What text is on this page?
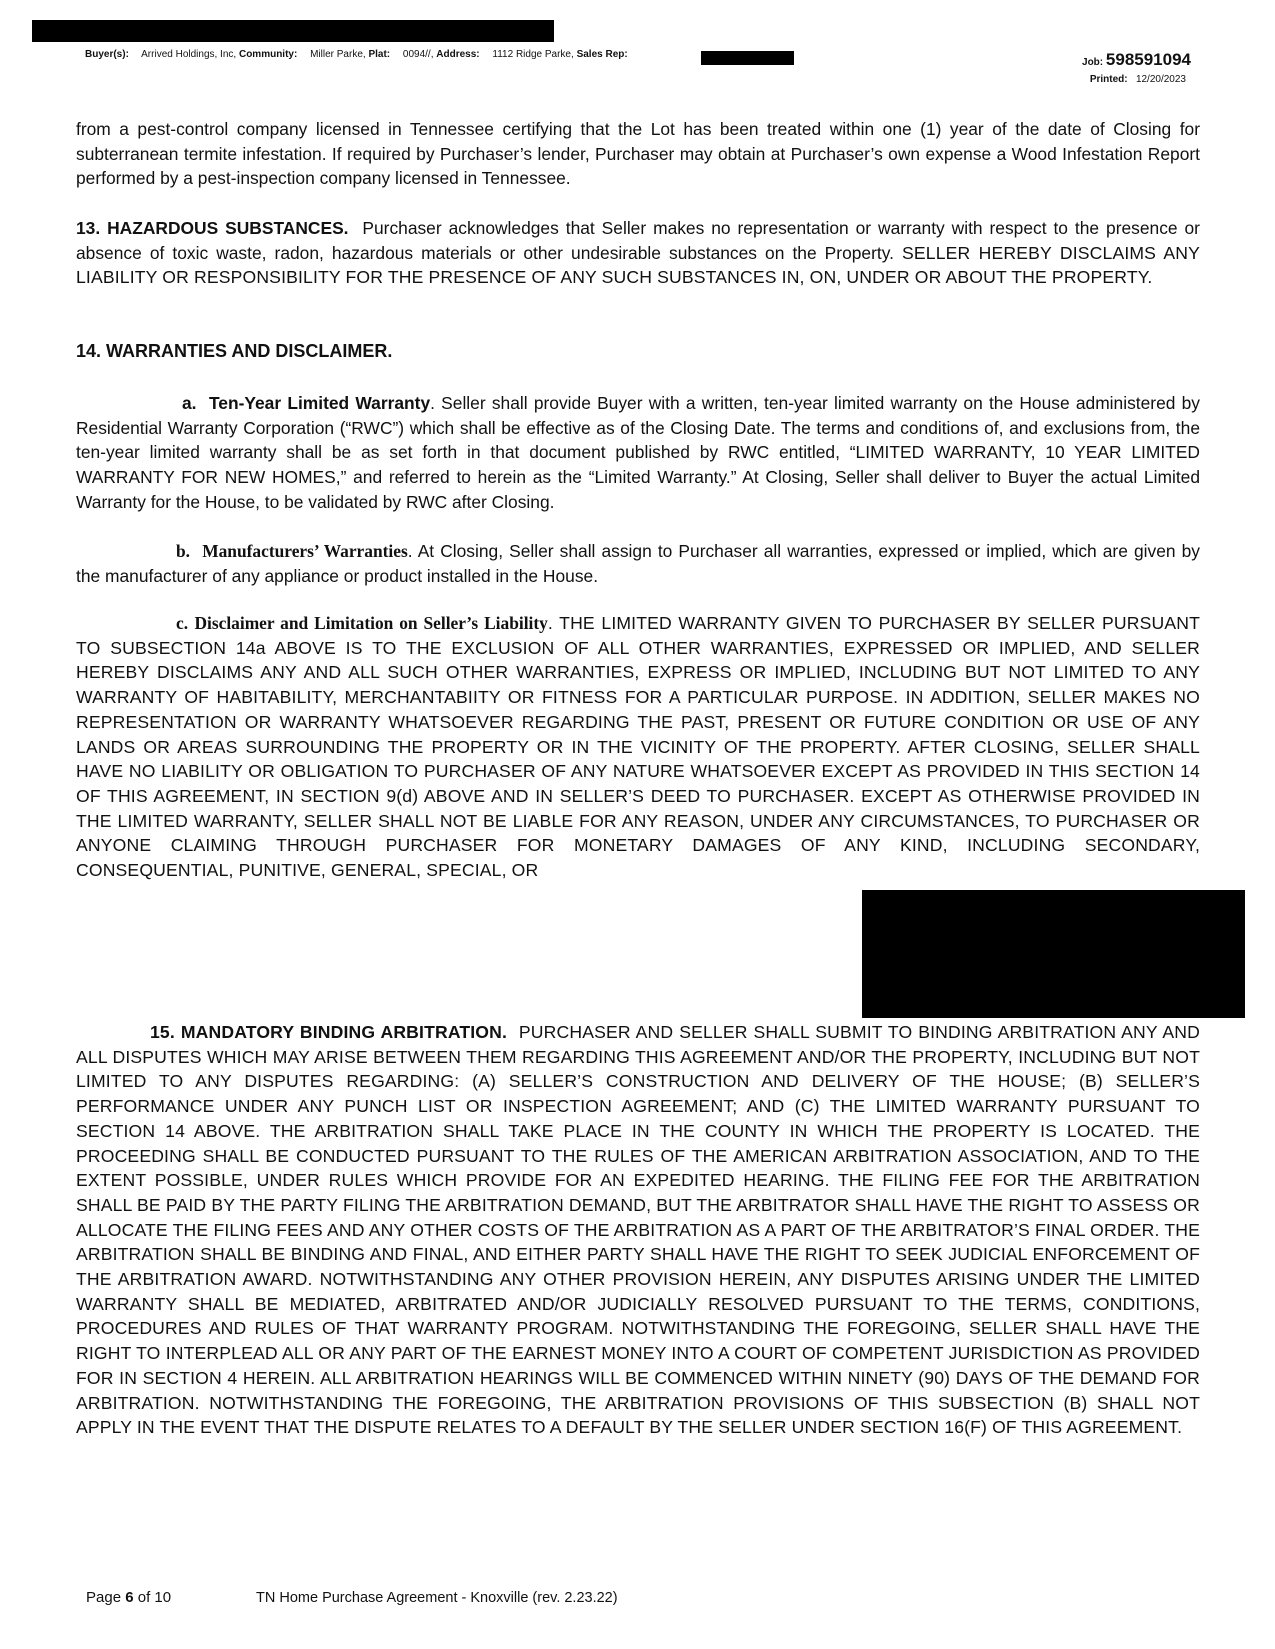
Buyer(s): Arrived Holdings, Inc, Community: Miller Parke, Plat: 0094//, Address: 1112 Ridge Parke, Sales Rep:
Job: 598591094
Printed: 12/20/2023

from a pest-control company licensed in Tennessee certifying that the Lot has been treated within one (1) year of the date of Closing for subterranean termite infestation. If required by Purchaser’s lender, Purchaser may obtain at Purchaser’s own expense a Wood Infestation Report performed by a pest-inspection company licensed in Tennessee.

13. HAZARDOUS SUBSTANCES. Purchaser acknowledges that Seller makes no representation or warranty with respect to the presence or absence of toxic waste, radon, hazardous materials or other undesirable substances on the Property. SELLER HEREBY DISCLAIMS ANY LIABILITY OR RESPONSIBILITY FOR THE PRESENCE OF ANY SUCH SUBSTANCES IN, ON, UNDER OR ABOUT THE PROPERTY.

14. WARRANTIES AND DISCLAIMER.

a. Ten-Year Limited Warranty. Seller shall provide Buyer with a written, ten-year limited warranty on the House administered by Residential Warranty Corporation (“RWC”) which shall be effective as of the Closing Date. The terms and conditions of, and exclusions from, the ten-year limited warranty shall be as set forth in that document published by RWC entitled, “LIMITED WARRANTY, 10 YEAR LIMITED WARRANTY FOR NEW HOMES,” and referred to herein as the “Limited Warranty.” At Closing, Seller shall deliver to Buyer the actual Limited Warranty for the House, to be validated by RWC after Closing.

b. Manufacturers’ Warranties. At Closing, Seller shall assign to Purchaser all warranties, expressed or implied, which are given by the manufacturer of any appliance or product installed in the House.

c. Disclaimer and Limitation on Seller’s Liability. THE LIMITED WARRANTY GIVEN TO PURCHASER BY SELLER PURSUANT TO SUBSECTION 14a ABOVE IS TO THE EXCLUSION OF ALL OTHER WARRANTIES, EXPRESSED OR IMPLIED, AND SELLER HEREBY DISCLAIMS ANY AND ALL SUCH OTHER WARRANTIES, EXPRESS OR IMPLIED, INCLUDING BUT NOT LIMITED TO ANY WARRANTY OF HABITABILITY, MERCHANTABIITY OR FITNESS FOR A PARTICULAR PURPOSE. IN ADDITION, SELLER MAKES NO REPRESENTATION OR WARRANTY WHATSOEVER REGARDING THE PAST, PRESENT OR FUTURE CONDITION OR USE OF ANY LANDS OR AREAS SURROUNDING THE PROPERTY OR IN THE VICINITY OF THE PROPERTY. AFTER CLOSING, SELLER SHALL HAVE NO LIABILITY OR OBLIGATION TO PURCHASER OF ANY NATURE WHATSOEVER EXCEPT AS PROVIDED IN THIS SECTION 14 OF THIS AGREEMENT, IN SECTION 9(d) ABOVE AND IN SELLER’S DEED TO PURCHASER. EXCEPT AS OTHERWISE PROVIDED IN THE LIMITED WARRANTY, SELLER SHALL NOT BE LIABLE FOR ANY REASON, UNDER ANY CIRCUMSTANCES, TO PURCHASER OR ANYONE CLAIMING THROUGH PURCHASER FOR MONETARY DAMAGES OF ANY KIND, INCLUDING SECONDARY, CONSEQUENTIAL, PUNITIVE, GENERAL, SPECIAL, OR

15. MANDATORY BINDING ARBITRATION. PURCHASER AND SELLER SHALL SUBMIT TO BINDING ARBITRATION ANY AND ALL DISPUTES WHICH MAY ARISE BETWEEN THEM REGARDING THIS AGREEMENT AND/OR THE PROPERTY, INCLUDING BUT NOT LIMITED TO ANY DISPUTES REGARDING: (A) SELLER’S CONSTRUCTION AND DELIVERY OF THE HOUSE; (B) SELLER’S PERFORMANCE UNDER ANY PUNCH LIST OR INSPECTION AGREEMENT; AND (C) THE LIMITED WARRANTY PURSUANT TO SECTION 14 ABOVE. THE ARBITRATION SHALL TAKE PLACE IN THE COUNTY IN WHICH THE PROPERTY IS LOCATED. THE PROCEEDING SHALL BE CONDUCTED PURSUANT TO THE RULES OF THE AMERICAN ARBITRATION ASSOCIATION, AND TO THE EXTENT POSSIBLE, UNDER RULES WHICH PROVIDE FOR AN EXPEDITED HEARING. THE FILING FEE FOR THE ARBITRATION SHALL BE PAID BY THE PARTY FILING THE ARBITRATION DEMAND, BUT THE ARBITRATOR SHALL HAVE THE RIGHT TO ASSESS OR ALLOCATE THE FILING FEES AND ANY OTHER COSTS OF THE ARBITRATION AS A PART OF THE ARBITRATOR’S FINAL ORDER. THE ARBITRATION SHALL BE BINDING AND FINAL, AND EITHER PARTY SHALL HAVE THE RIGHT TO SEEK JUDICIAL ENFORCEMENT OF THE ARBITRATION AWARD. NOTWITHSTANDING ANY OTHER PROVISION HEREIN, ANY DISPUTES ARISING UNDER THE LIMITED WARRANTY SHALL BE MEDIATED, ARBITRATED AND/OR JUDICIALLY RESOLVED PURSUANT TO THE TERMS, CONDITIONS, PROCEDURES AND RULES OF THAT WARRANTY PROGRAM. NOTWITHSTANDING THE FOREGOING, SELLER SHALL HAVE THE RIGHT TO INTERPLEAD ALL OR ANY PART OF THE EARNEST MONEY INTO A COURT OF COMPETENT JURISDICTION AS PROVIDED FOR IN SECTION 4 HEREIN. ALL ARBITRATION HEARINGS WILL BE COMMENCED WITHIN NINETY (90) DAYS OF THE DEMAND FOR ARBITRATION. NOTWITHSTANDING THE FOREGOING, THE ARBITRATION PROVISIONS OF THIS SUBSECTION (B) SHALL NOT APPLY IN THE EVENT THAT THE DISPUTE RELATES TO A DEFAULT BY THE SELLER UNDER SECTION 16(F) OF THIS AGREEMENT.

Page 6 of 10	TN Home Purchase Agreement - Knoxville (rev. 2.23.22)
